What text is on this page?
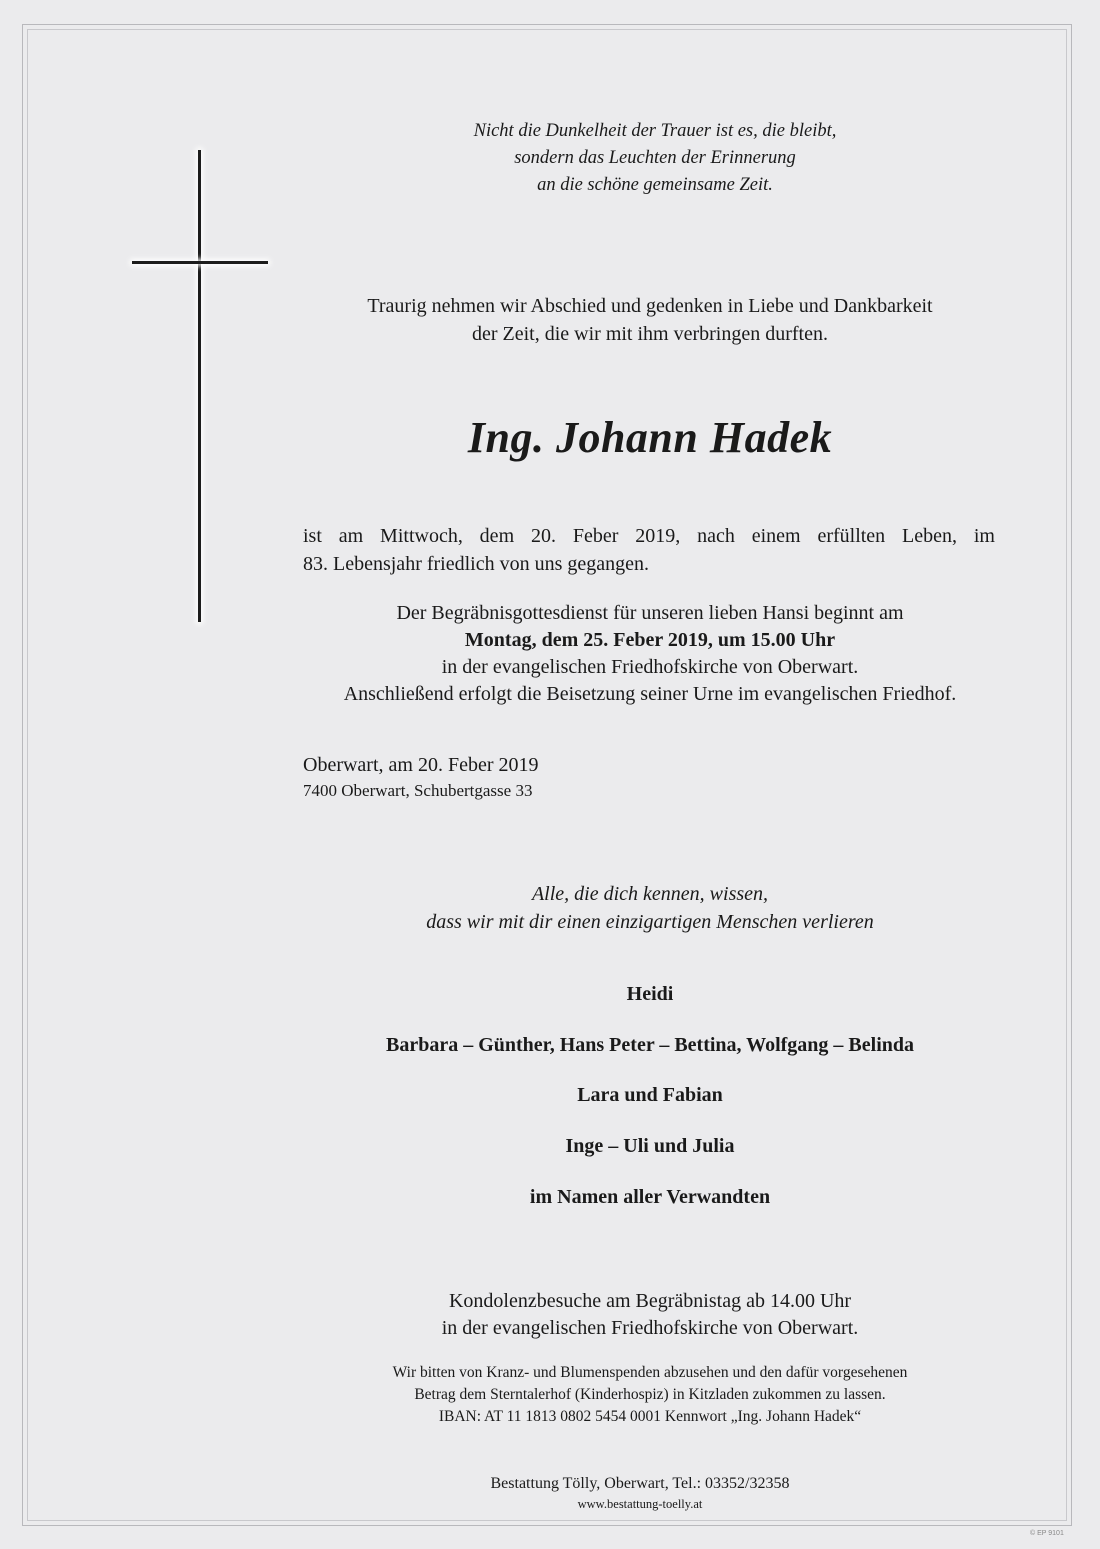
Nicht die Dunkelheit der Trauer ist es, die bleibt,
sondern das Leuchten der Erinnerung
an die schöne gemeinsame Zeit.
Traurig nehmen wir Abschied und gedenken in Liebe und Dankbarkeit
der Zeit, die wir mit ihm verbringen durften.
Ing. Johann Hadek
ist am Mittwoch, dem 20. Feber 2019, nach einem erfüllten Leben, im
83. Lebensjahr friedlich von uns gegangen.
Der Begräbnisgottesdienst für unseren lieben Hansi beginnt am
Montag, dem 25. Feber 2019, um 15.00 Uhr
in der evangelischen Friedhofskirche von Oberwart.
Anschließend erfolgt die Beisetzung seiner Urne im evangelischen Friedhof.
Oberwart, am 20. Feber 2019
7400 Oberwart, Schubertgasse 33
Alle, die dich kennen, wissen,
dass wir mit dir einen einzigartigen Menschen verlieren
Heidi
Barbara – Günther, Hans Peter – Bettina, Wolfgang – Belinda
Lara und Fabian
Inge – Uli und Julia
im Namen aller Verwandten
Kondolenzbesuche am Begräbnistag ab 14.00 Uhr
in der evangelischen Friedhofskirche von Oberwart.
Wir bitten von Kranz- und Blumenspenden abzusehen und den dafür vorgesehenen
Betrag dem Sterntalerhof (Kinderhospiz) in Kitzladen zukommen zu lassen.
IBAN: AT 11 1813 0802 5454 0001 Kennwort „Ing. Johann Hadek“
Bestattung Tölly, Oberwart, Tel.: 03352/32358
www.bestattung-toelly.at
© EP 9101
